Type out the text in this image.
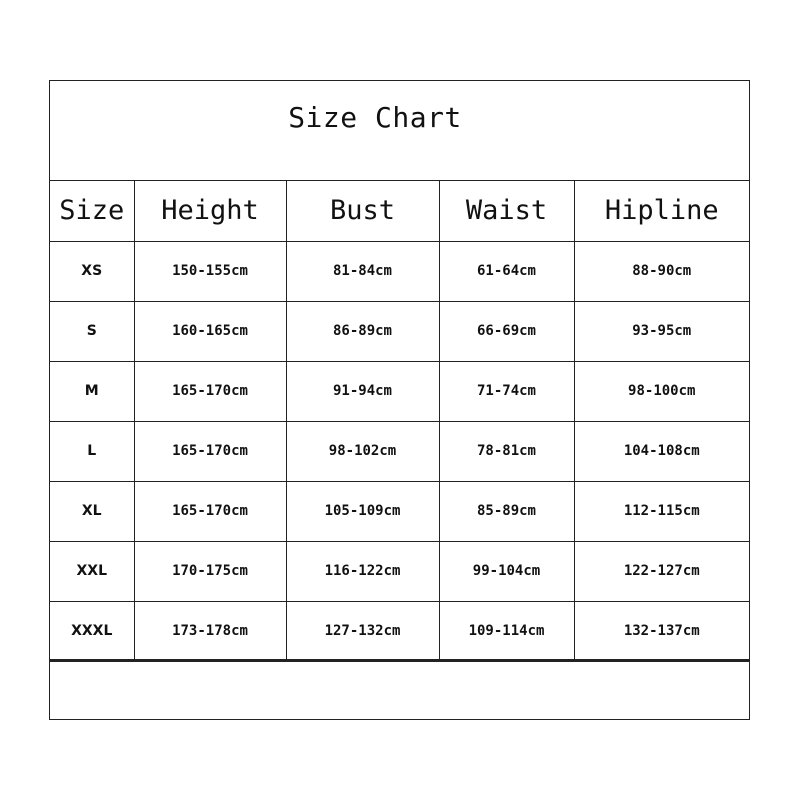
Size Chart
Size	Height	Bust	Waist	Hipline
XS	150-155cm	81-84cm	61-64cm	88-90cm
S	160-165cm	86-89cm	66-69cm	93-95cm
M	165-170cm	91-94cm	71-74cm	98-100cm
L	165-170cm	98-102cm	78-81cm	104-108cm
XL	165-170cm	105-109cm	85-89cm	112-115cm
XXL	170-175cm	116-122cm	99-104cm	122-127cm
XXXL	173-178cm	127-132cm	109-114cm	132-137cm
